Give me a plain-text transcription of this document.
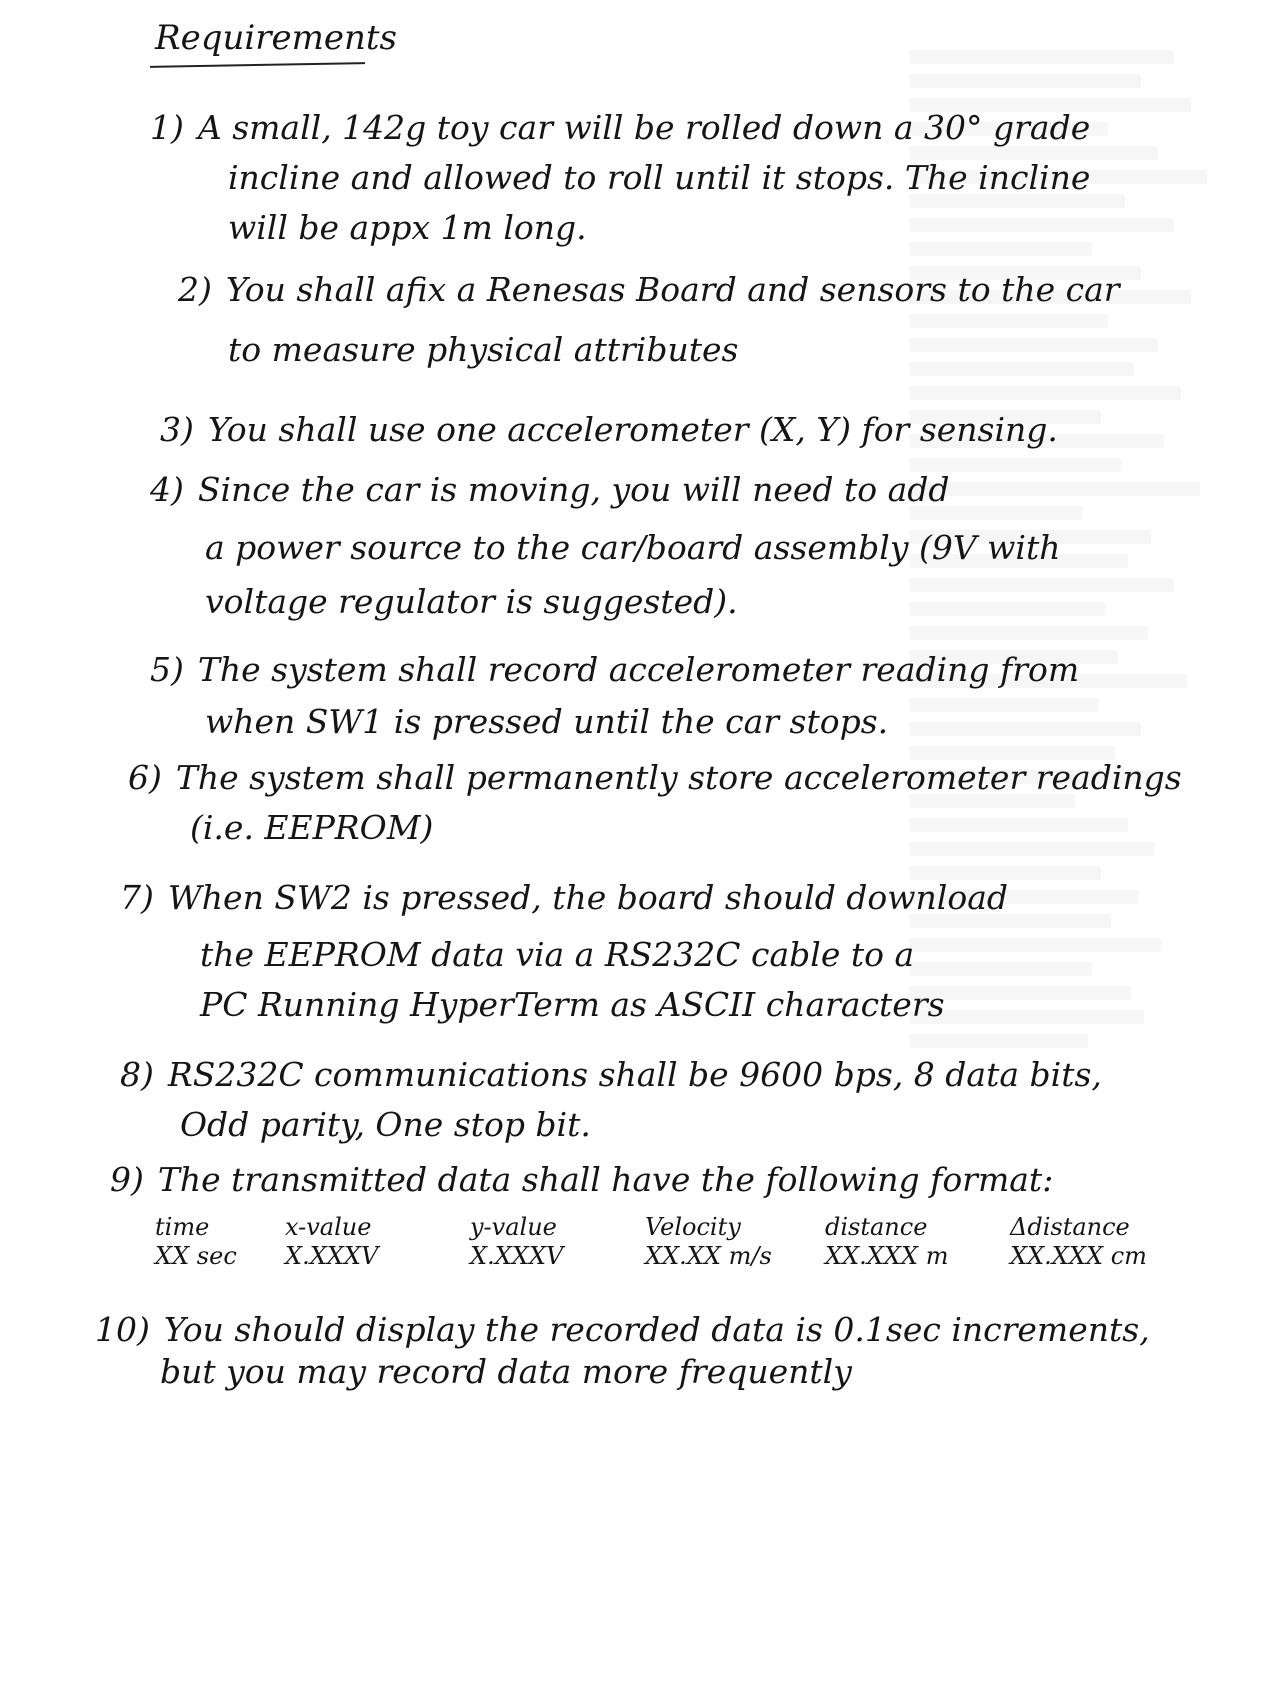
Requirements
1) A small, 142g toy car will be rolled down a 30° grade
incline and allowed to roll until it stops. The incline
will be appx 1m long.
2) You shall afix a Renesas Board and sensors to the car
to measure physical attributes
3) You shall use one accelerometer (X, Y) for sensing.
4) Since the car is moving, you will need to add
a power source to the car/board assembly (9V with
voltage regulator is suggested).
5) The system shall record accelerometer reading from
when SW1 is pressed until the car stops.
6) The system shall permanently store accelerometer readings
(i.e. EEPROM)
7) When SW2 is pressed, the board should download
the EEPROM data via a RS232C cable to a
PC Running HyperTerm as ASCII characters
8) RS232C communications shall be 9600 bps, 8 data bits,
Odd parity, One stop bit.
9) The transmitted data shall have the following format:
time
XX sec
x-value
X.XXXV
y-value
X.XXXV
Velocity
XX.XX m/s
distance
XX.XXX m
Δdistance
XX.XXX cm
10) You should display the recorded data is 0.1sec increments,
but you may record data more frequently
